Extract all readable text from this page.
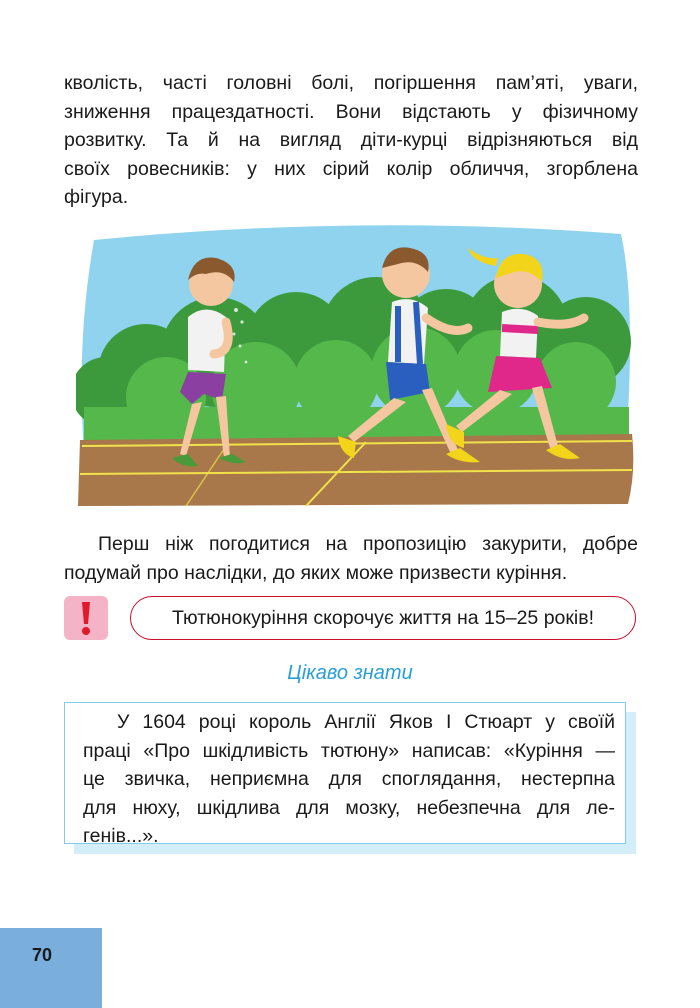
кволість, часті головні болі, погіршення пам’яті, уваги,
зниження працездатності. Вони відстають у фізичному
розвитку. Та й на вигляд діти-курці відрізняються від
своїх ровесників: у них сірий колір обличчя, згорблена
фігура.

Перш ніж погодитися на пропозицію закурити, добре
подумай про наслідки, до яких може призвести куріння.

Тютюнокуріння скорочує життя на 15–25 років!
Цікаво знати

У 1604 році король Англії Яков І Стюарт у своїй
праці «Про шкідливість тютюну» написав: «Куріння —
це звичка, неприємна для споглядання, нестерпна
для нюху, шкідлива для мозку, небезпечна для ле-
генів...».

70
